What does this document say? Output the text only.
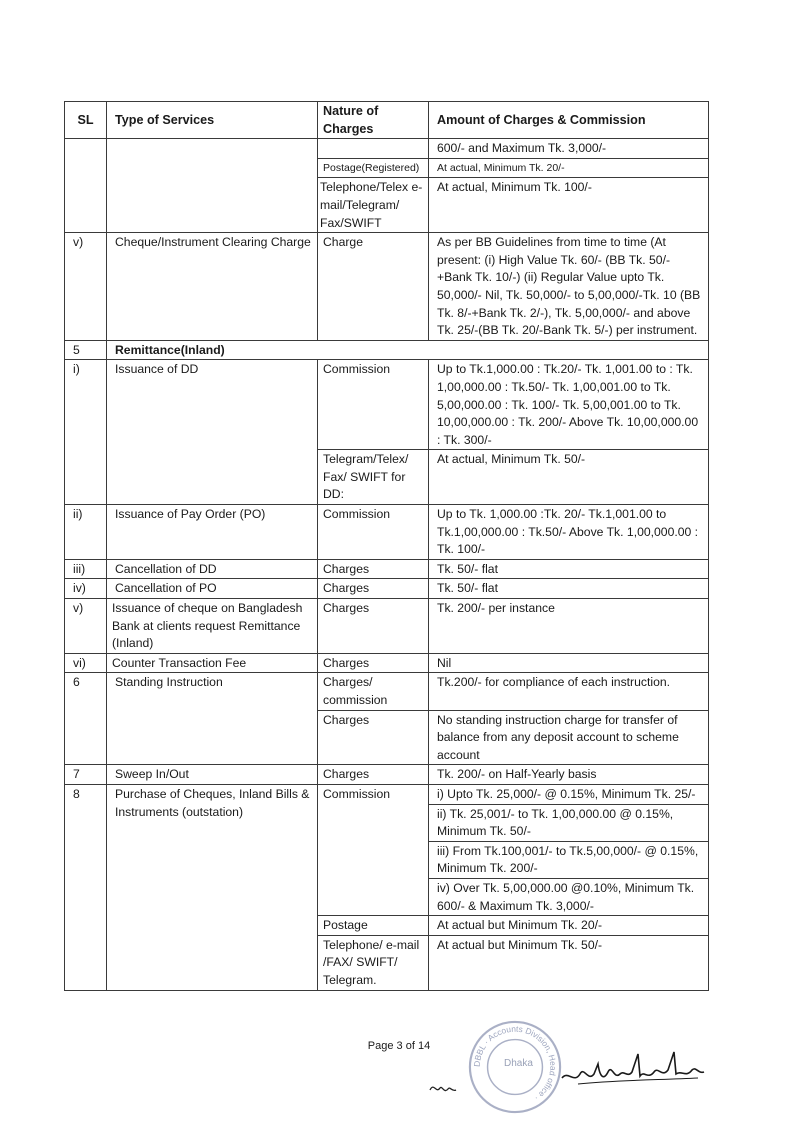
SL	Type of Services	Nature of Charges	Amount of Charges & Commission
			600/- and Maximum Tk. 3,000/-
		Postage(Registered)	At actual, Minimum Tk. 20/-
		Telephone/Telex e-mail/Telegram/ Fax/SWIFT	At actual, Minimum Tk. 100/-
v)	Cheque/Instrument Clearing Charge	Charge	As per BB Guidelines from time to time (At present: (i) High Value Tk. 60/- (BB Tk. 50/- +Bank Tk. 10/-) (ii) Regular Value upto Tk. 50,000/- Nil, Tk. 50,000/- to 5,00,000/-Tk. 10 (BB Tk. 8/-+Bank Tk. 2/-), Tk. 5,00,000/- and above Tk. 25/-(BB Tk. 20/-Bank Tk. 5/-) per instrument.
5	Remittance(Inland)		
i)	Issuance of DD	Commission	Up to Tk.1,000.00 : Tk.20/- Tk. 1,001.00 to : Tk. 1,00,000.00 : Tk.50/- Tk. 1,00,001.00 to Tk. 5,00,000.00 : Tk. 100/- Tk. 5,00,001.00 to Tk. 10,00,000.00 : Tk. 200/- Above Tk. 10,00,000.00 : Tk. 300/-
		Telegram/Telex/ Fax/ SWIFT for DD:	At actual, Minimum Tk. 50/-
ii)	Issuance of Pay Order (PO)	Commission	Up to Tk. 1,000.00 :Tk. 20/- Tk.1,001.00 to Tk.1,00,000.00 : Tk.50/- Above Tk. 1,00,000.00 : Tk. 100/-
iii)	Cancellation of DD	Charges	Tk. 50/- flat
iv)	Cancellation of PO	Charges	Tk. 50/- flat
v)	Issuance of cheque on Bangladesh Bank at clients request Remittance (Inland)	Charges	Tk. 200/- per instance
vi)	Counter Transaction Fee	Charges	Nil
6	Standing Instruction	Charges/ commission	Tk.200/- for compliance of each instruction.
		Charges	No standing instruction charge for transfer of balance from any deposit account to scheme account
7	Sweep In/Out	Charges	Tk. 200/- on Half-Yearly basis
8	Purchase of Cheques, Inland Bills & Instruments (outstation)	Commission	i) Upto Tk. 25,000/- @ 0.15%, Minimum Tk. 25/-
			ii) Tk. 25,001/- to Tk. 1,00,000.00 @ 0.15%, Minimum Tk. 50/-
			iii) From Tk.100,001/- to Tk.5,00,000/- @ 0.15%, Minimum Tk. 200/-
			iv) Over Tk. 5,00,000.00 @0.10%, Minimum Tk. 600/- & Maximum Tk. 3,000/-
		Postage	At actual but Minimum Tk. 20/-
		Telephone/ e-mail /FAX/ SWIFT/ Telegram.	At actual but Minimum Tk. 50/-
Page 3 of 14
DBBL · Accounts Division, Head office ·
Dhaka
